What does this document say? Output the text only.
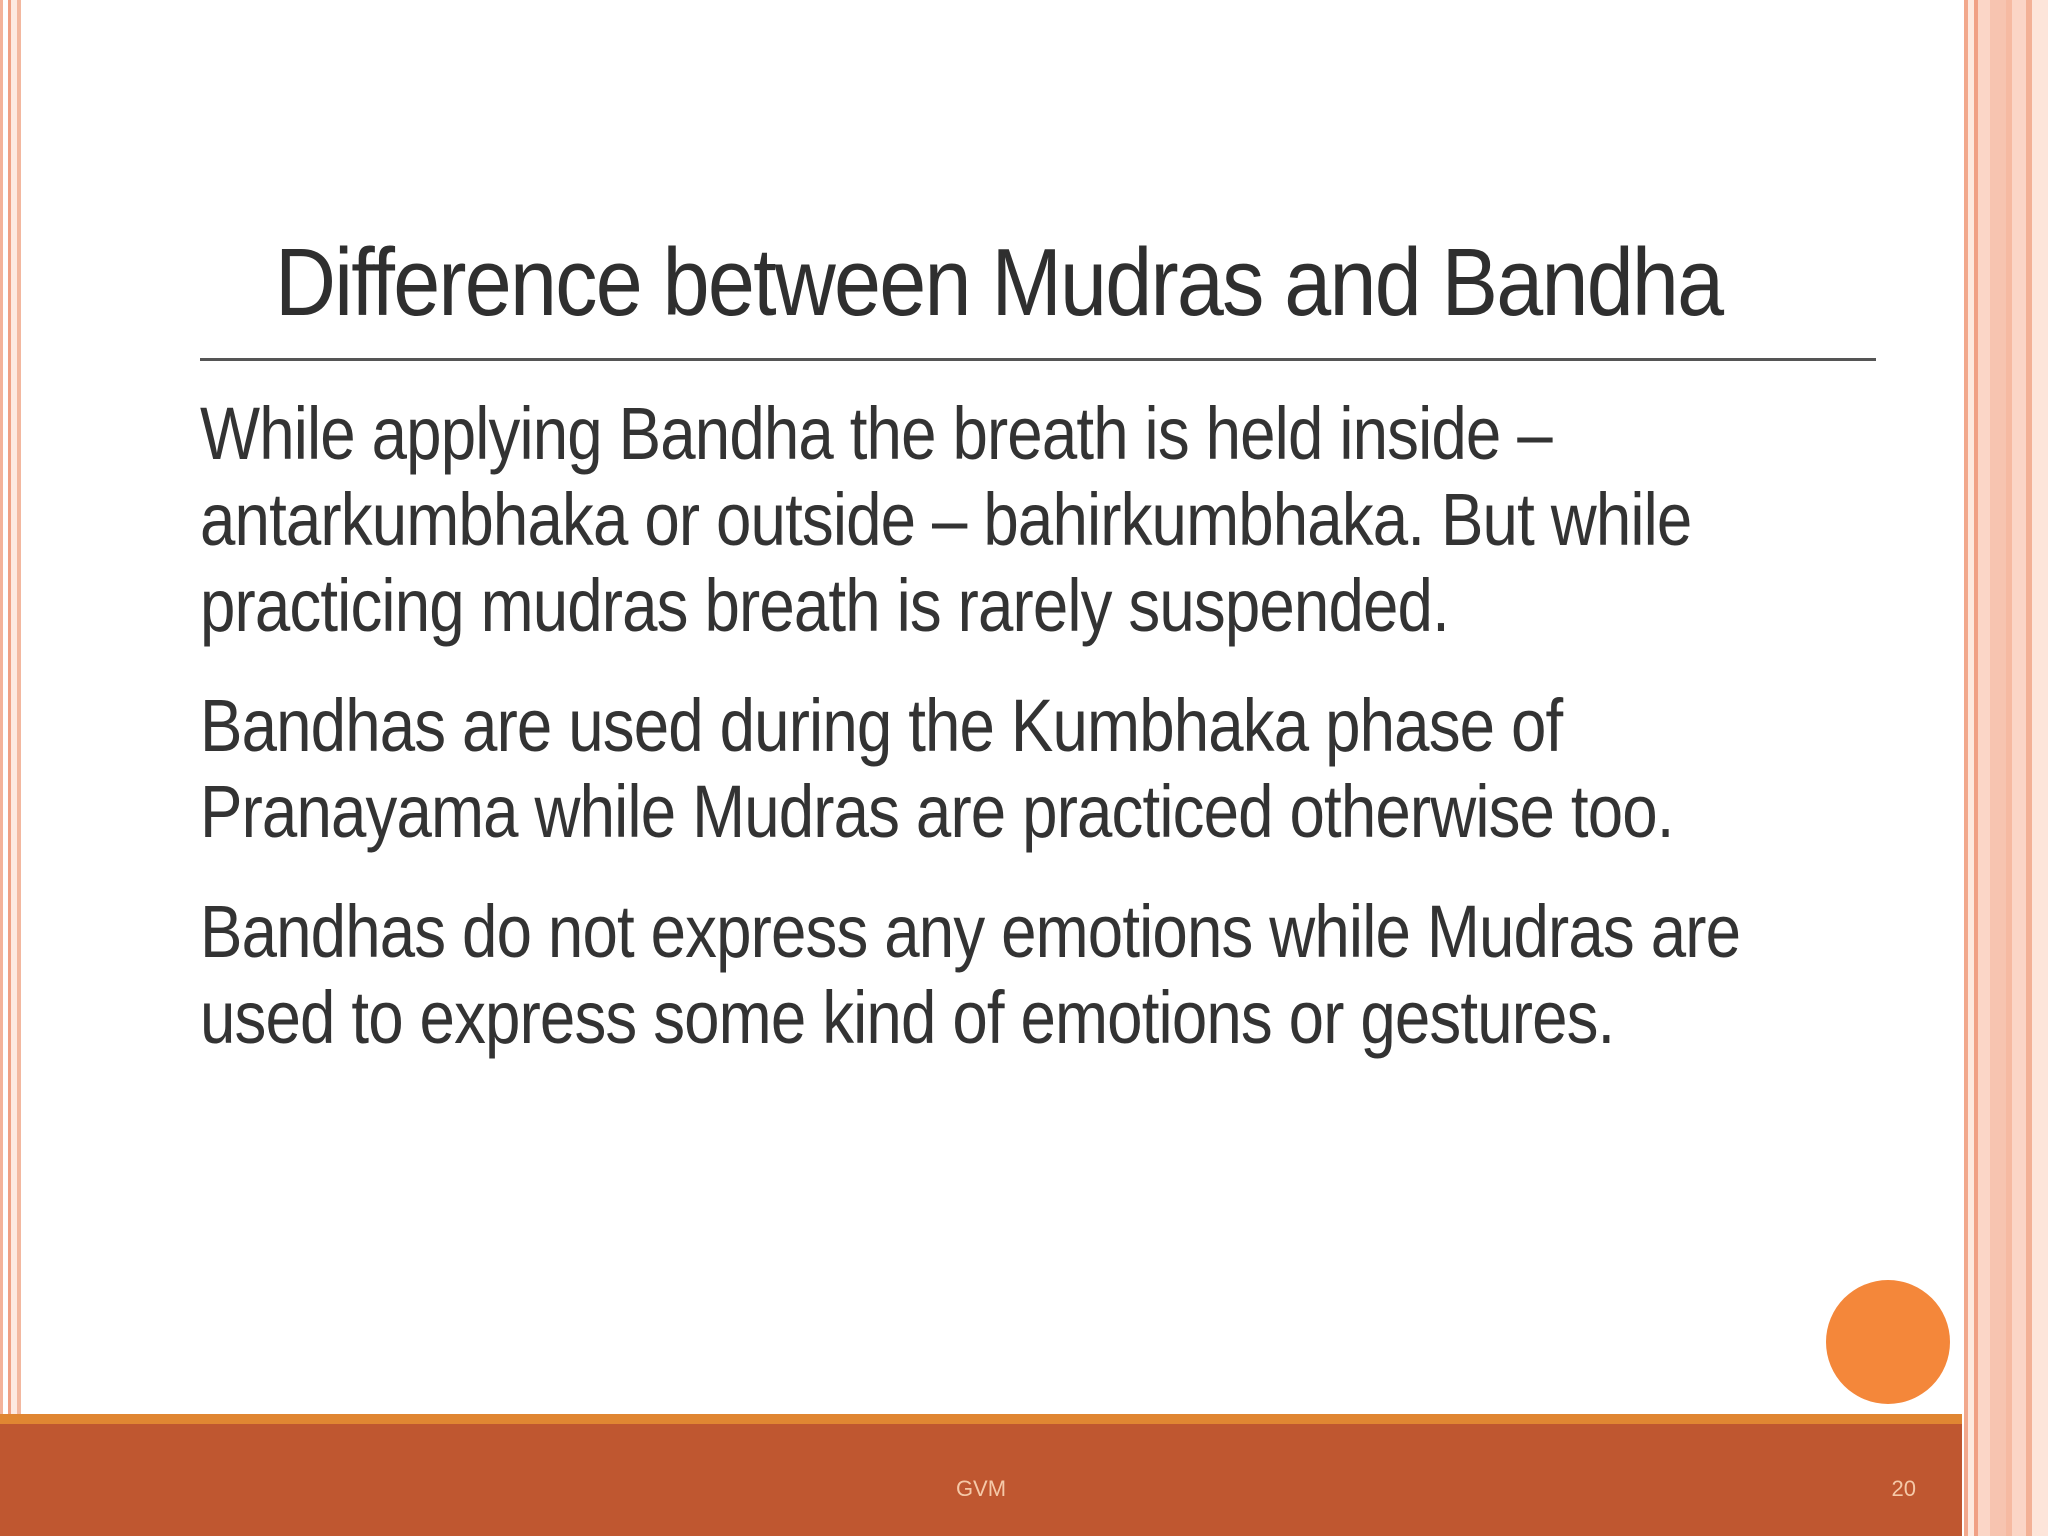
Difference between Mudras and Bandha
While applying Bandha the breath is held inside – antarkumbhaka or outside – bahirkumbhaka. But while practicing mudras breath is rarely suspended.
Bandhas are used during the Kumbhaka phase of Pranayama while Mudras are practiced otherwise too.
Bandhas do not express any emotions while Mudras are used to express some kind of emotions or gestures.
GVM	20
